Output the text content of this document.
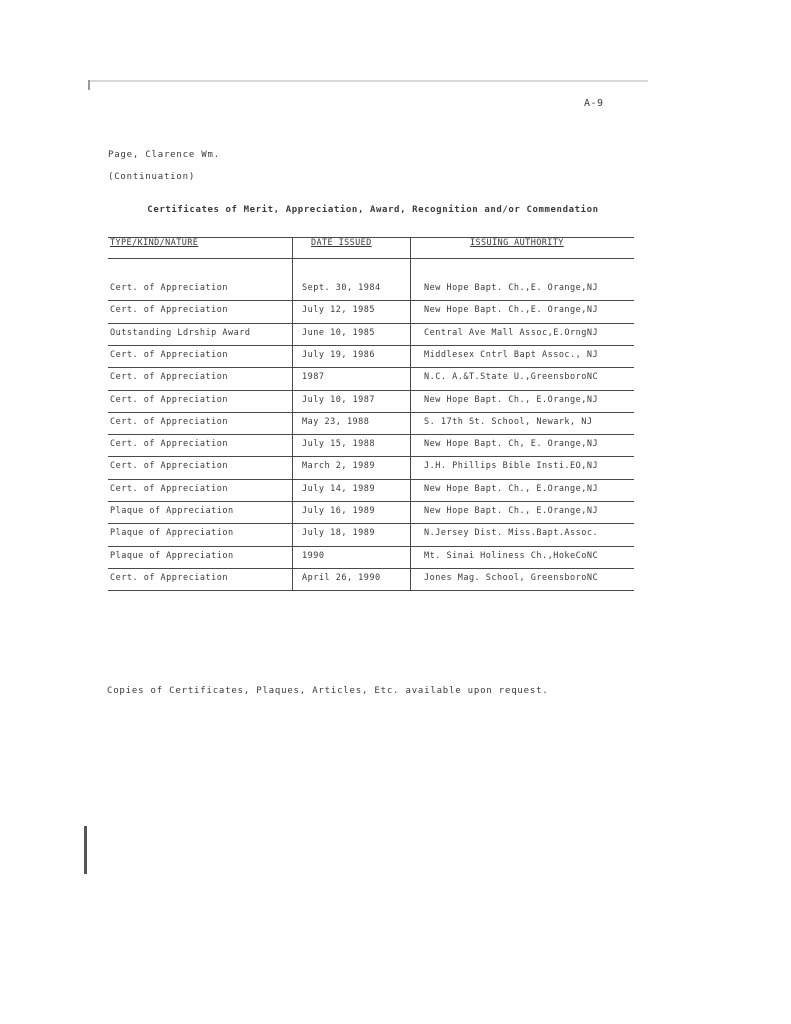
A-9
Page, Clarence Wm.
(Continuation)
Certificates of Merit, Appreciation, Award, Recognition and/or Commendation
TYPE/KIND/NATURE	DATE ISSUED	ISSUING AUTHORITY
Cert. of Appreciation	Sept. 30, 1984	New Hope Bapt. Ch.,E. Orange,NJ
Cert. of Appreciation	July 12, 1985	New Hope Bapt. Ch.,E. Orange,NJ
Outstanding Ldrship Award	June 10, 1985	Central Ave Mall Assoc,E.OrngNJ
Cert. of Appreciation	July 19, 1986	Middlesex Cntrl Bapt Assoc., NJ
Cert. of Appreciation	1987	N.C. A.&T.State U.,GreensboroNC
Cert. of Appreciation	July 10, 1987	New Hope Bapt. Ch., E.Orange,NJ
Cert. of Appreciation	May 23, 1988	S. 17th St. School, Newark, NJ
Cert. of Appreciation	July 15, 1988	New Hope Bapt. Ch, E. Orange,NJ
Cert. of Appreciation	March 2, 1989	J.H. Phillips Bible Insti.EO,NJ
Cert. of Appreciation	July 14, 1989	New Hope Bapt. Ch., E.Orange,NJ
Plaque of Appreciation	July 16, 1989	New Hope Bapt. Ch., E.Orange,NJ
Plaque of Appreciation	July 18, 1989	N.Jersey Dist. Miss.Bapt.Assoc.
Plaque of Appreciation	1990	Mt. Sinai Holiness Ch.,HokeCoNC
Cert. of Appreciation	April 26, 1990	Jones Mag. School, GreensboroNC
Copies of Certificates, Plaques, Articles, Etc. available upon request.
